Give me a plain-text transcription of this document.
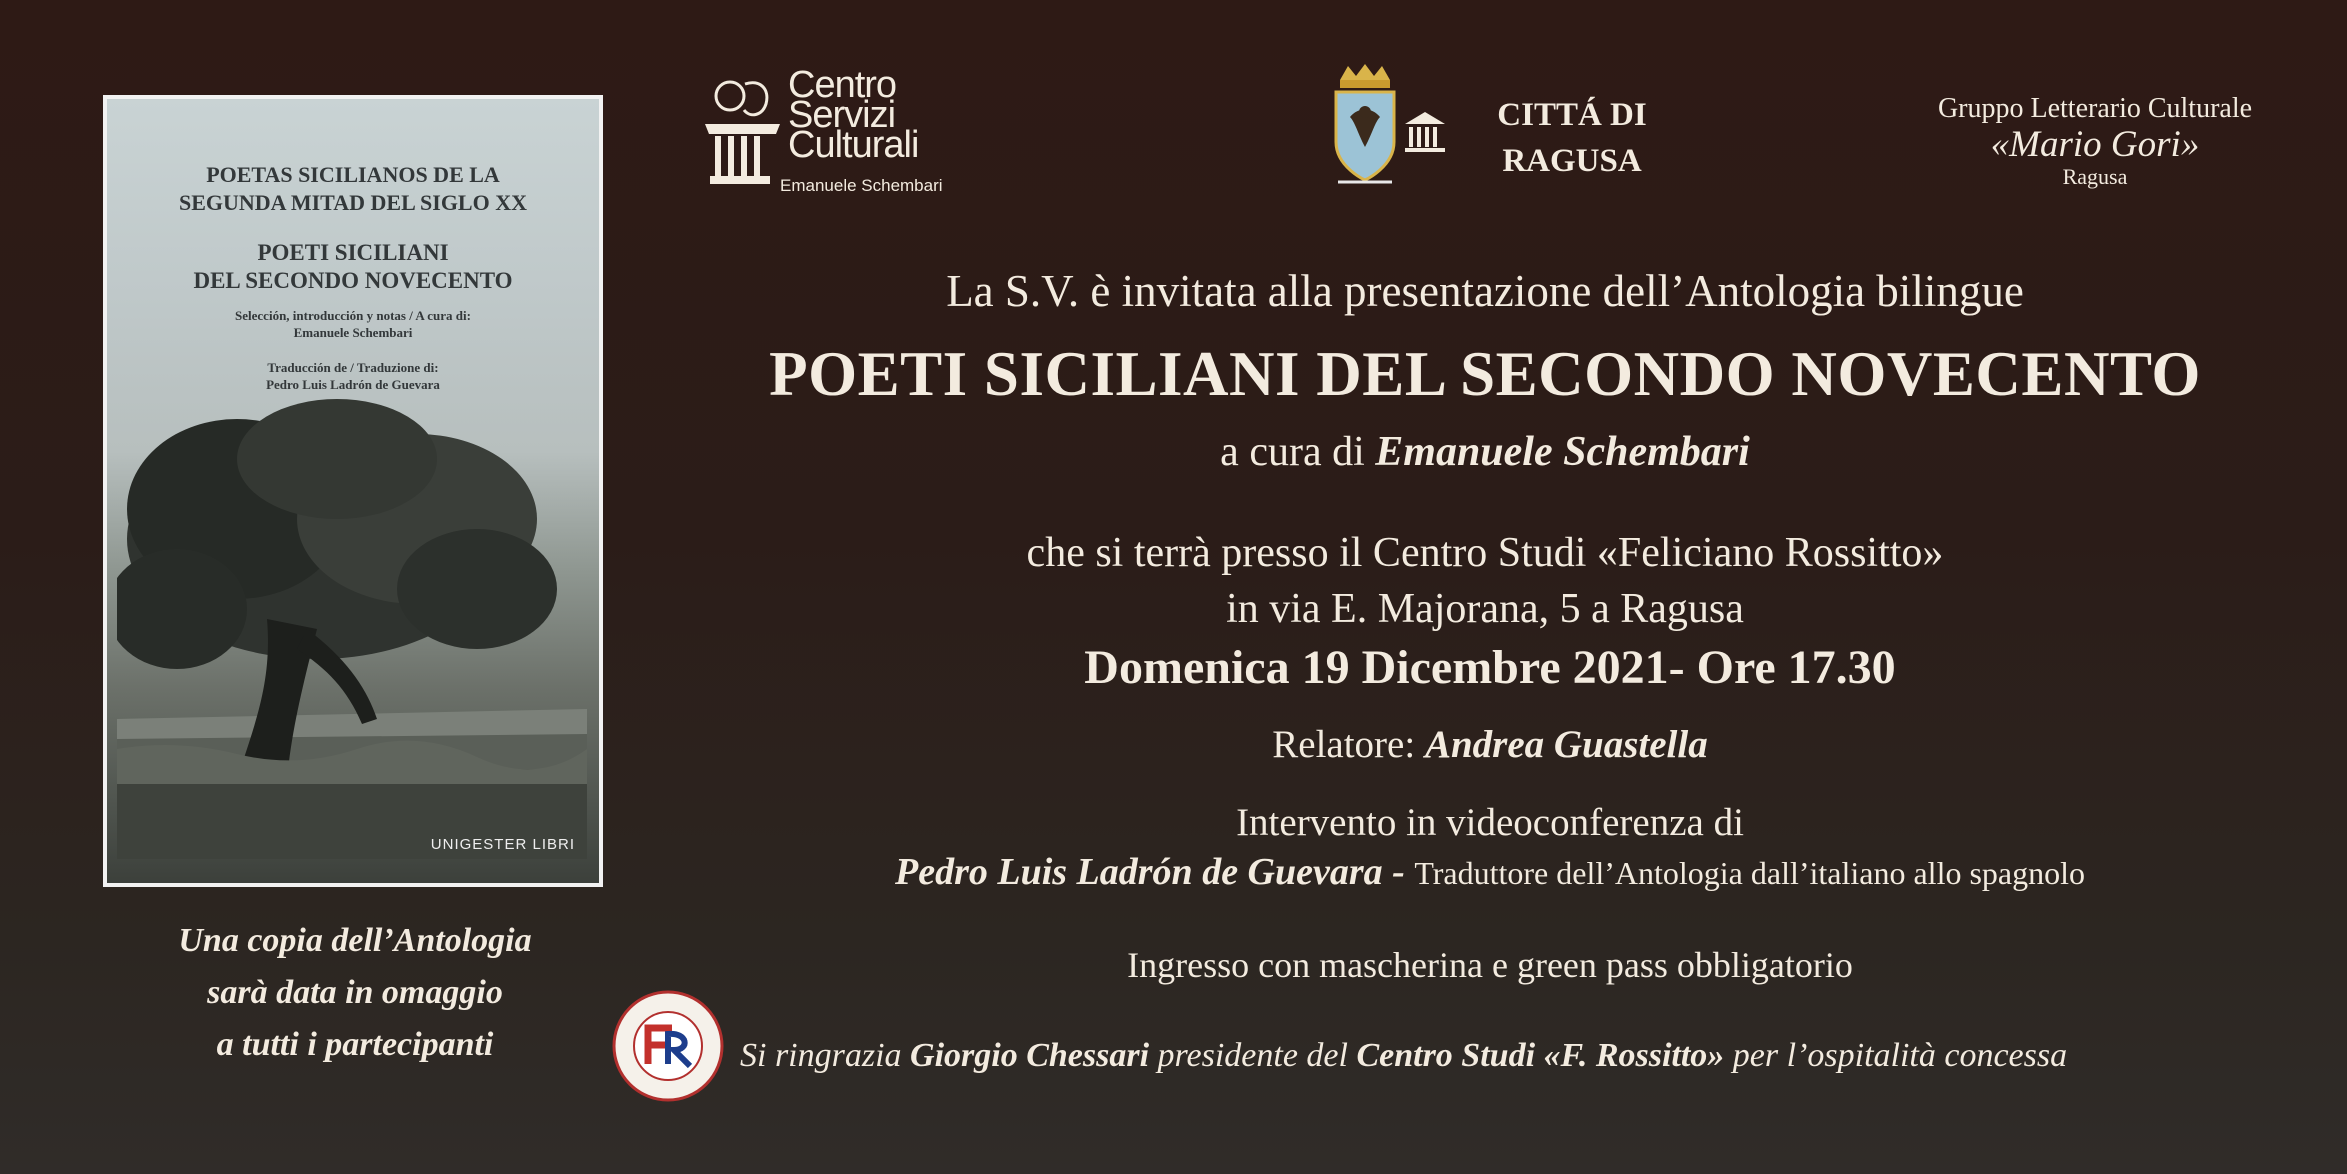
POETAS SICILIANOS DE LA
SEGUNDA MITAD DEL SIGLO XX
POETI SICILIANI
DEL SECONDO NOVECENTO
Selección, introducción y notas / A cura di:
Emanuele Schembari
Traducción de / Traduzione di:
Pedro Luis Ladrón de Guevara
UNIGESTER LIBRI
Una copia dell’Antologia
sarà data in omaggio
a tutti i partecipanti
Centro
Servizi
Culturali
Emanuele Schembari
CITTÁ DI
RAGUSA
Gruppo Letterario Culturale
«Mario Gori»
Ragusa
La S.V. è invitata alla presentazione dell’Antologia bilingue
POETI SICILIANI DEL SECONDO NOVECENTO
a cura di Emanuele Schembari
che si terrà presso il Centro Studi «Feliciano Rossitto»
in via E. Majorana, 5 a Ragusa
Domenica 19 Dicembre 2021- Ore 17.30
Relatore: Andrea Guastella
Intervento in videoconferenza di
Pedro Luis Ladrón de Guevara - Traduttore dell’Antologia dall’italiano allo spagnolo
Ingresso con mascherina e green pass obbligatorio
Si ringrazia Giorgio Chessari presidente del Centro Studi «F. Rossitto» per l’ospitalità concessa
